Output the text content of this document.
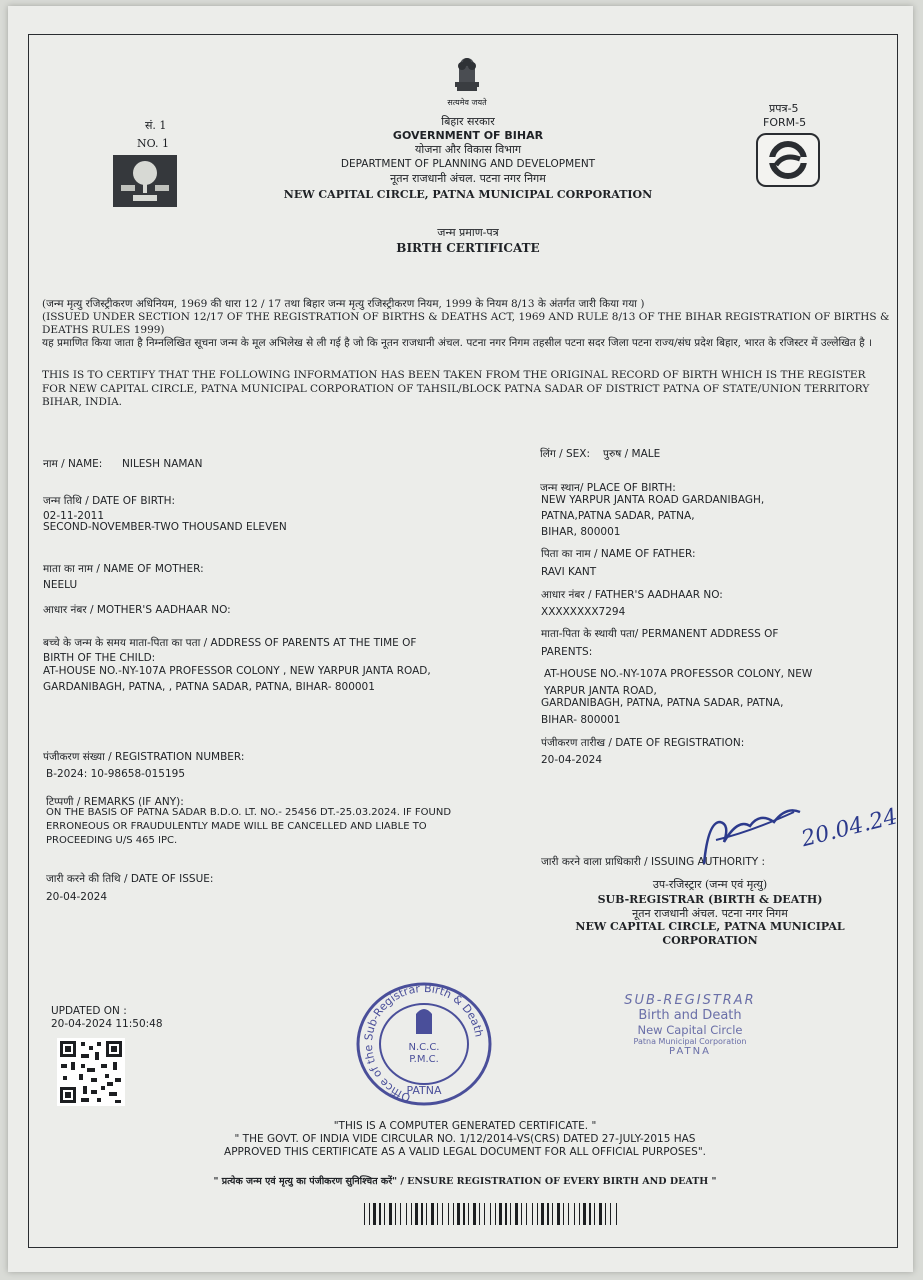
सत्यमेव जयते
सं. 1
NO. 1
प्रपत्र-5
FORM-5
बिहार सरकार
GOVERNMENT OF BIHAR
योजना और विकास विभाग
DEPARTMENT OF PLANNING AND DEVELOPMENT
नूतन राजधानी अंचल. पटना नगर निगम
NEW CAPITAL CIRCLE, PATNA MUNICIPAL CORPORATION
जन्म प्रमाण-पत्र
BIRTH CERTIFICATE
(जन्म मृत्यु रजिस्ट्रीकरण अधिनियम, 1969 की धारा 12 / 17 तथा बिहार जन्म मृत्यु रजिस्ट्रीकरण नियम, 1999 के नियम 8/13 के अंतर्गत जारी किया गया )
(ISSUED UNDER SECTION 12/17 OF THE REGISTRATION OF BIRTHS & DEATHS ACT, 1969 AND RULE 8/13 OF THE BIHAR REGISTRATION OF BIRTHS & DEATHS RULES 1999)
यह प्रमाणित किया जाता है निम्नलिखित सूचना जन्म के मूल अभिलेख से ली गई है जो कि नूतन राजधानी अंचल. पटना नगर निगम तहसील पटना सदर जिला पटना राज्य/संघ प्रदेश बिहार, भारत के रजिस्टर में उल्लेखित है ।
THIS IS TO CERTIFY THAT THE FOLLOWING INFORMATION HAS BEEN TAKEN FROM THE ORIGINAL RECORD OF BIRTH WHICH IS THE REGISTER FOR NEW CAPITAL CIRCLE, PATNA MUNICIPAL CORPORATION OF TAHSIL/BLOCK PATNA SADAR OF DISTRICT PATNA OF STATE/UNION TERRITORY BIHAR, INDIA.
नाम / NAME: NILESH NAMAN
जन्म तिथि / DATE OF BIRTH:
02-11-2011
SECOND-NOVEMBER-TWO THOUSAND ELEVEN
माता का नाम / NAME OF MOTHER:
NEELU
आधार नंबर / MOTHER'S AADHAAR NO:
बच्चे के जन्म के समय माता-पिता का पता / ADDRESS OF PARENTS AT THE TIME OF
BIRTH OF THE CHILD:
AT-HOUSE NO.-NY-107A PROFESSOR COLONY , NEW YARPUR JANTA ROAD,
GARDANIBAGH, PATNA, , PATNA SADAR, PATNA, BIHAR- 800001
पंजीकरण संख्या / REGISTRATION NUMBER:
B-2024: 10-98658-015195
टिप्पणी / REMARKS (IF ANY):
ON THE BASIS OF PATNA SADAR B.D.O. LT. NO.- 25456 DT.-25.03.2024. IF FOUND
ERRONEOUS OR FRAUDULENTLY MADE WILL BE CANCELLED AND LIABLE TO
PROCEEDING U/S 465 IPC.
जारी करने की तिथि / DATE OF ISSUE:
20-04-2024
लिंग / SEX: पुरुष / MALE
जन्म स्थान/ PLACE OF BIRTH:
NEW YARPUR JANTA ROAD GARDANIBAGH,
PATNA,PATNA SADAR, PATNA,
BIHAR, 800001
पिता का नाम / NAME OF FATHER:
RAVI KANT
आधार नंबर / FATHER'S AADHAAR NO:
XXXXXXXX7294
माता-पिता के स्थायी पता/ PERMANENT ADDRESS OF
PARENTS:
AT-HOUSE NO.-NY-107A PROFESSOR COLONY, NEW
YARPUR JANTA ROAD,
GARDANIBAGH, PATNA, PATNA SADAR, PATNA,
BIHAR- 800001
पंजीकरण तारीख / DATE OF REGISTRATION:
20-04-2024
जारी करने वाला प्राधिकारी / ISSUING AUTHORITY :
20.04.24
उप-रजिस्ट्रार (जन्म एवं मृत्यु)
SUB-REGISTRAR (BIRTH & DEATH)
नूतन राजधानी अंचल. पटना नगर निगम
NEW CAPITAL CIRCLE, PATNA MUNICIPAL
CORPORATION
UPDATED ON :
20-04-2024 11:50:48
Office of the Sub-Registrar Birth & Death
N.C.C.
P.M.C.
PATNA
SUB-REGISTRAR
Birth and Death
New Capital Circle
Patna Municipal Corporation
PATNA
"THIS IS A COMPUTER GENERATED CERTIFICATE. "
" THE GOVT. OF INDIA VIDE CIRCULAR NO. 1/12/2014-VS(CRS) DATED 27-JULY-2015 HAS
APPROVED THIS CERTIFICATE AS A VALID LEGAL DOCUMENT FOR ALL OFFICIAL PURPOSES".
" प्रत्येक जन्म एवं मृत्यु का पंजीकरण सुनिश्चित करें" / ENSURE REGISTRATION OF EVERY BIRTH AND DEATH "
